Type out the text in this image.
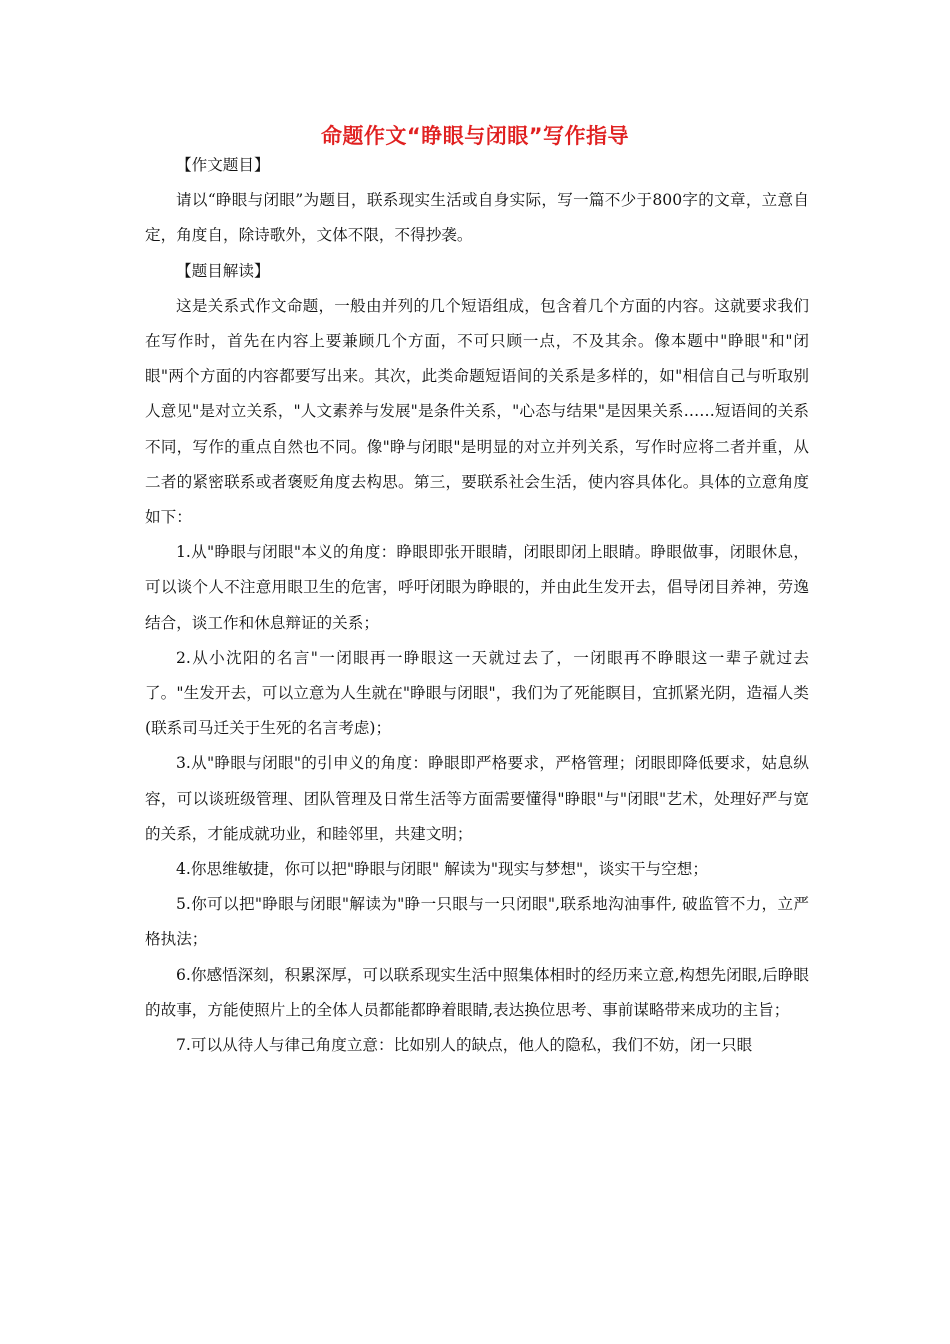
命题作文“睁眼与闭眼”写作指导

【作文题目】

请以“睁眼与闭眼”为题目，联系现实生活或自身实际，写一篇不少于800字的文章，立意自定，角度自，除诗歌外，文体不限，不得抄袭。

【题目解读】

这是关系式作文命题，一般由并列的几个短语组成，包含着几个方面的内容。这就要求我们在写作时，首先在内容上要兼顾几个方面，不可只顾一点，不及其余。像本题中"睁眼"和"闭眼"两个方面的内容都要写出来。其次，此类命题短语间的关系是多样的，如"相信自己与听取别人意见"是对立关系，"人文素养与发展"是条件关系，"心态与结果"是因果关系……短语间的关系不同，写作的重点自然也不同。像"睁与闭眼"是明显的对立并列关系，写作时应将二者并重，从二者的紧密联系或者褒贬角度去构思。第三，要联系社会生活，使内容具体化。具体的立意角度如下：

1.从"睁眼与闭眼"本义的角度：睁眼即张开眼睛，闭眼即闭上眼睛。睁眼做事，闭眼休息，可以谈个人不注意用眼卫生的危害，呼吁闭眼为睁眼的，并由此生发开去，倡导闭目养神，劳逸结合，谈工作和休息辩证的关系；

2.从小沈阳的名言"一闭眼再一睁眼这一天就过去了，一闭眼再不睁眼这一辈子就过去了。"生发开去，可以立意为人生就在"睁眼与闭眼"，我们为了死能瞑目，宜抓紧光阴，造福人类(联系司马迁关于生死的名言考虑)；

3.从"睁眼与闭眼"的引申义的角度：睁眼即严格要求，严格管理；闭眼即降低要求，姑息纵容，可以谈班级管理、团队管理及日常生活等方面需要懂得"睁眼"与"闭眼"艺术，处理好严与宽的关系，才能成就功业，和睦邻里，共建文明；

4.你思维敏捷，你可以把"睁眼与闭眼" 解读为"现实与梦想"，谈实干与空想；

5.你可以把"睁眼与闭眼"解读为"睁一只眼与一只闭眼",联系地沟油事件, 破监管不力，立严格执法；

6.你感悟深刻，积累深厚，可以联系现实生活中照集体相时的经历来立意,构想先闭眼,后睁眼的故事，方能使照片上的全体人员都能都睁着眼睛,表达换位思考、事前谋略带来成功的主旨；

7.可以从待人与律己角度立意：比如别人的缺点，他人的隐私，我们不妨，闭一只眼
